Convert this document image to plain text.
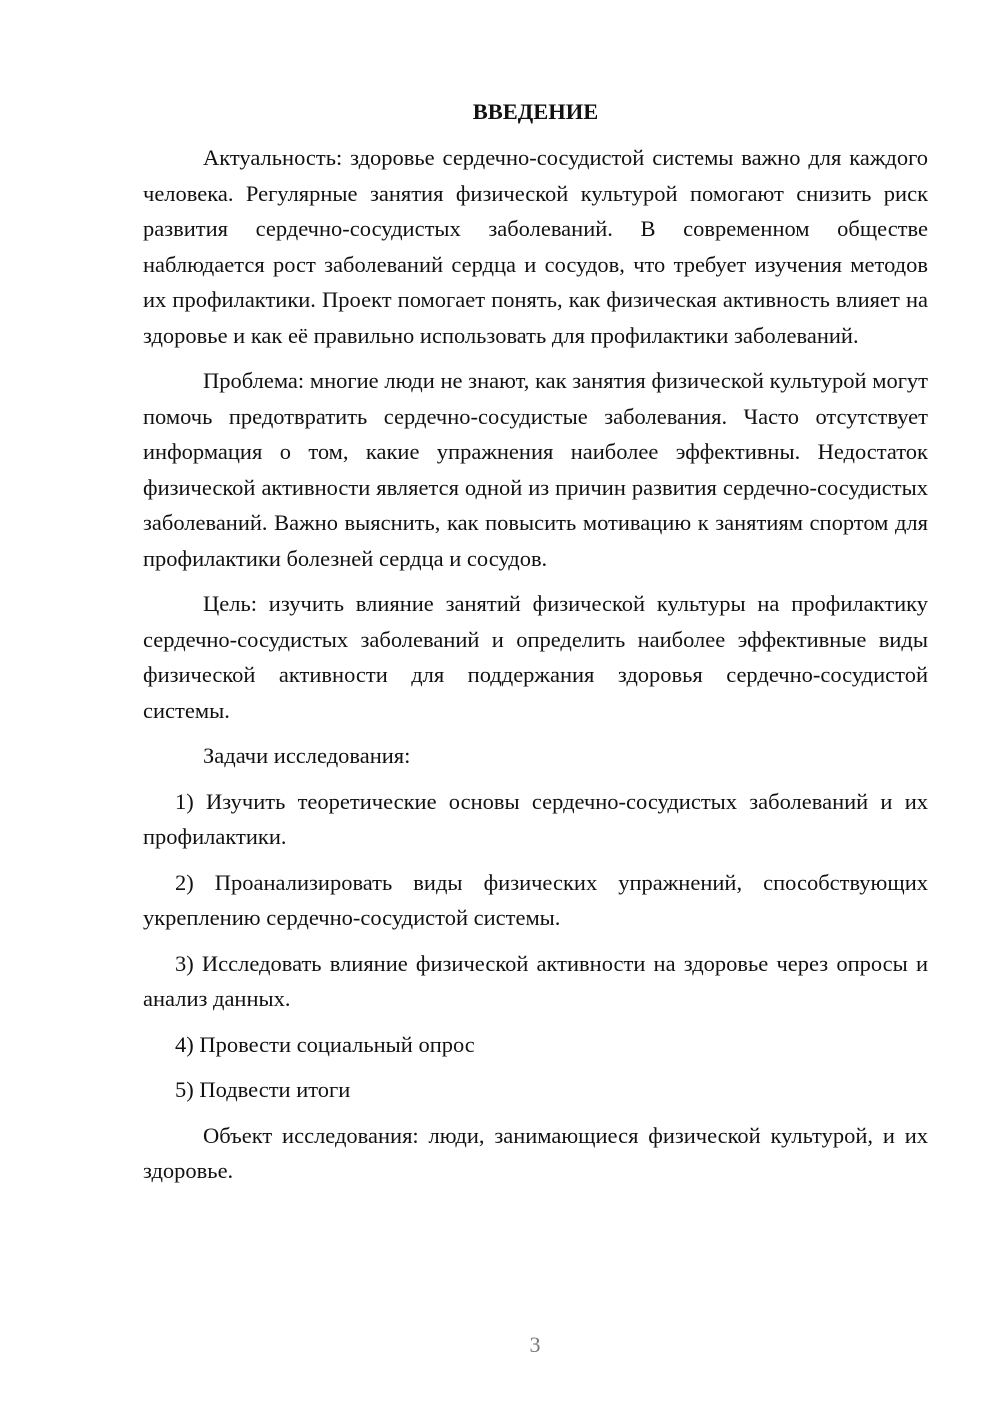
ВВЕДЕНИЕ

Актуальность: здоровье сердечно-сосудистой системы важно для каждого человека. Регулярные занятия физической культурой помогают снизить риск развития сердечно-сосудистых заболеваний. В современном обществе наблюдается рост заболеваний сердца и сосудов, что требует изучения методов их профилактики. Проект помогает понять, как физическая активность влияет на здоровье и как её правильно использовать для профилактики заболеваний.

Проблема: многие люди не знают, как занятия физической культурой могут помочь предотвратить сердечно-сосудистые заболевания. Часто отсутствует информация о том, какие упражнения наиболее эффективны. Недостаток физической активности является одной из причин развития сердечно-сосудистых заболеваний. Важно выяснить, как повысить мотивацию к занятиям спортом для профилактики болезней сердца и сосудов.

Цель: изучить влияние занятий физической культуры на профилактику сердечно-сосудистых заболеваний и определить наиболее эффективные виды физической активности для поддержания здоровья сердечно-сосудистой системы.

Задачи исследования:

1) Изучить теоретические основы сердечно-сосудистых заболеваний и их профилактики.

2) Проанализировать виды физических упражнений, способствующих укреплению сердечно-сосудистой системы.

3) Исследовать влияние физической активности на здоровье через опросы и анализ данных.

4) Провести социальный опрос

5) Подвести итоги

Объект исследования: люди, занимающиеся физической культурой, и их здоровье.

3
